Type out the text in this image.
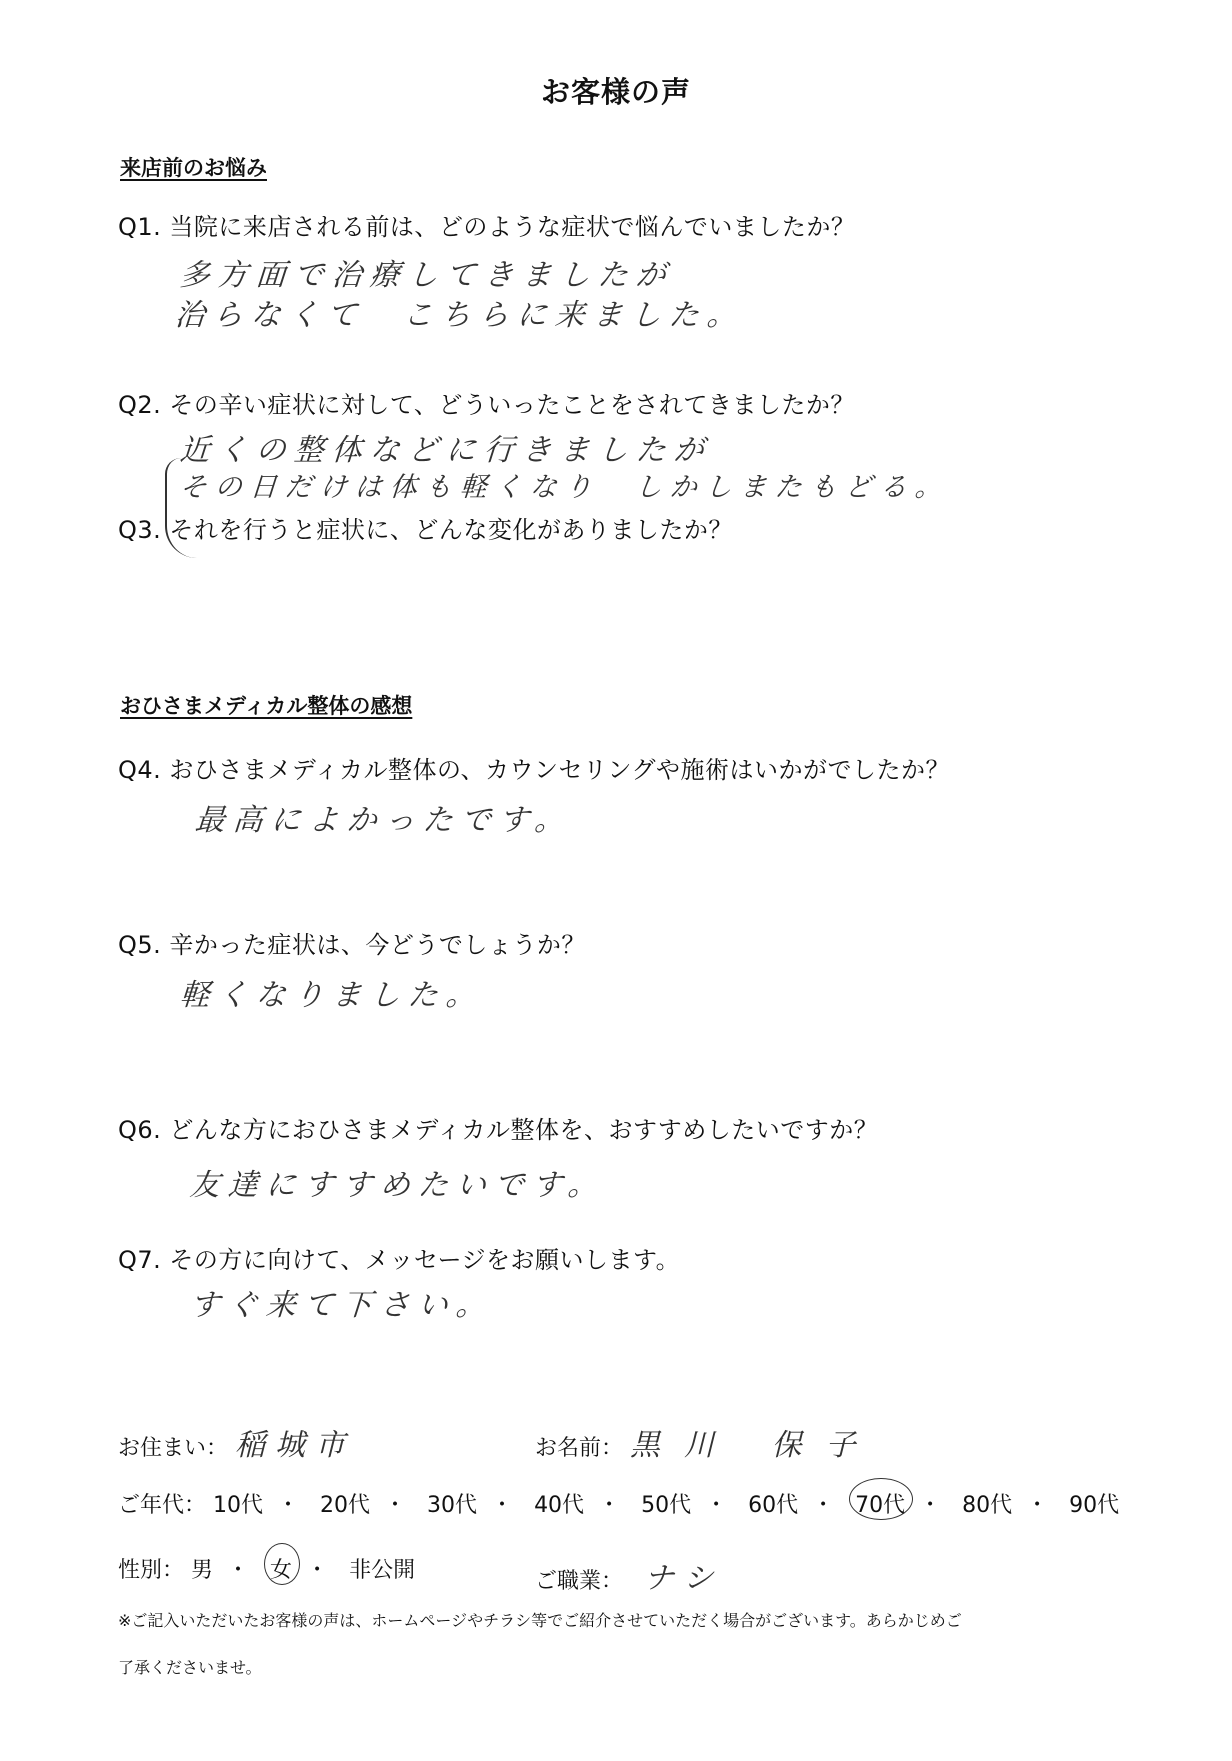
お客様の声
来店前のお悩み
Q1. 当院に来店される前は、どのような症状で悩んでいましたか？
多方面で治療してきましたが
治らなくて　こちらに来ました。
Q2. その辛い症状に対して、どういったことをされてきましたか？
近くの整体などに行きましたが
その日だけは体も軽くなり　しかしまたもどる。
Q3. それを行うと症状に、どんな変化がありましたか？
おひさまメディカル整体の感想
Q4. おひさまメディカル整体の、カウンセリングや施術はいかがでしたか？
最高によかったです。
Q5. 辛かった症状は、今どうでしょうか？
軽くなりました。
Q6. どんな方におひさまメディカル整体を、おすすめしたいですか？
友達にすすめたいです。
Q7. その方に向けて、メッセージをお願いします。
すぐ来て下さい。
お住まい： 稲城市	お名前： 黒川 保子
ご年代： 10代 ・ 20代 ・ 30代 ・ 40代 ・ 50代 ・ 60代 ・ 70代 ・ 80代 ・ 90代
性別： 男 ・ 女 ・ 非公開	ご職業： ナシ
※ご記入いただいたお客様の声は、ホームページやチラシ等でご紹介させていただく場合がございます。あらかじめご
了承くださいませ。
